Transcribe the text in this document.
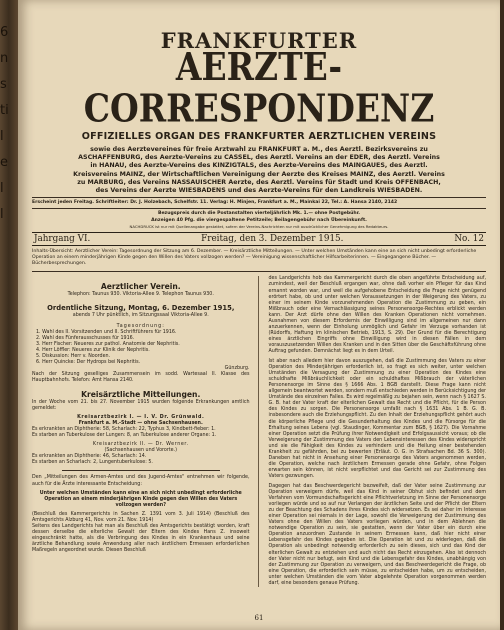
6
n
s
ti
l
e
l
l
FRANKFURTER
AERZTE-CORRESPONDENZ
OFFIZIELLES ORGAN DES FRANKFURTER AERZTLICHEN VEREINS
sowie des Aerztevereines für freie Arztwahl zu FRANKFURT a. M., des Aerztl. Bezirksvereins zu
ASCHAFFENBURG, des Aerzte-Vereins zu CASSEL, des Aerztl. Vereins an der EDER, des Aerztl. Vereins
in HANAU, des Aerzte-Vereins des KINZIGTALS, des Aerzte-Vereins des MAINGAUES, des Aerztl.
Kreisvereins MAINZ, der Wirtschaftlichen Vereinigung der Aerzte des Kreises MAINZ, des Aerztl. Vereins
zu MARBURG, des Vereins NASSAUISCHER Aerzte, des Aerztl. Vereins für Stadt und Kreis OFFENBACH,
des Vereins der Aerzte WIESBADENS und des Aerzte-Vereins für den Landkreis WIESBADEN.
Erscheint jeden Freitag. Schriftleiter: Dr. J. Holzebach, Schelfstr. 11. Verlag: H. Minjen, Frankfurt a. M., Mainkai 22, Tel.: A. Hansa 2140, 2142
Bezugspreis durch die Postanstalten vierteljährlich Mk. 1.— ohne Postgebühr.
Anzeigen 40 Pfg. die viergespaltene Petitzeile; Beilagengebühr nach Übereinkunft.
NACHDRUCK ist nur mit Quellenangabe gestattet, sofern der Vereins-Nachrichten nur mit ausdrücklicher Genehmigung des Redakteurs.
Jahrgang VI.	Freitag, den 3. Dezember 1915.	No. 12
Inhalts-Übersicht: Aerztlicher Verein: Tagesordnung der Sitzung am 6. Dezember. — Kreisärztliche Mitteilungen. — Unter welchen Umständen kann eine an sich nicht unbedingt erforderliche Operation an einem minderjährigen Kinde gegen den Willen des Vaters vollzogen werden? — Vereinigung wissenschaftlicher Hilfsarbeiterinnen. — Eingegangene Bücher. — Bücherbesprechungen.
Aerztlicher Verein.
Telephon: Taunus 930. Viktoria-Allee 9. Telephon Taunus 930.
Ordentliche Sitzung, Montag, 6. Dezember 1915,
abends 7 Uhr pünktlich, im Sitzungssaal Viktoria-Allee 9.
Tagesordnung:
1. Wahl des II. Vorsitzenden und II. Schriftführers für 1916.
2. Wahl des Fünferausschusses für 1916.
3. Herr Fischer: Neueres zur pathol. Anatomie der Nephritis.
4. Herr Löffler: Neueres zur Klinik der Nephritis.
5. Diskussion: Herr v. Noorden.
6. Herr Quincke: Der Hydrops bei Nephritis.
Günzburg.
Nach der Sitzung geselliges Zusammensein im sodd. Wartesaal II. Klasse des Hauptbahnhofs. Telefon: Amt Hansa 2140.
Kreisärztliche Mitteilungen.
In der Woche vom 21. bis 27. November 1915 wurden folgende Erkrankungen amtlich gemeldet:
Kreisarztbezirk I. — I. V. Dr. Grünwald.
Frankfurt a. M.-Stadt — ohne Sachsenhausen.
Es erkrankten an Diphtherie: 58, Scharlach: 22, Typhus 3, Kindbett-fieber: 1.
Es starben an Tuberkulose der Lungen: 8, an Tuberkulose anderer Organe: 1.
Kreisarztbezirk II. — Dr. Werner.
(Sachsenhausen und Vororte.)
Es erkrankten an Diphtherie: 46, Scharlach: 14.
Es starben an Scharlach: 2, Lungentuberkulose: 5.
Den „Mitteilungen des Armen-Amtes und des Jugend-Amtes" entnehmen wir folgende, auch für die Ärzte interessante Entscheidung:
Unter welchen Umständen kann eine an sich nicht unbedingt erforderliche Operation an einem minderjährigen Kinde gegen den Willen des Vaters vollzogen werden?
(Beschluß des Kammergerichts in Sachen Z. 1391 vom 3. Juli 1914) (Beschluß des Amtsgerichts Alzburg 41, Nov. vom 21. Nov. 1914)
Seitens des Landgerichts hat man als Beschluß des Amtsgerichts bestätigt worden, kraft dessen derselbe die elterliche Gewalt der Eltern des Kindes Hans Z. insoweit eingeschränkt hatte, als die Verbringung des Kindes in ein Krankenhaus und seine ärztliche Behandlung sowie Anwendung aller nach ärztlichem Ermessen erforderlichen Maßregeln angeordnet wurde. Diesen Beschluß
des Landgerichts hob das Kammergericht durch die oben angeführte Entscheidung auf, zumindest, weil der Beschluß ergangen war, ohne daß vorher ein Pfleger für das Kind ernannt worden war, und weil die aufgehobene Entscheidung die Frage nicht genügend erörtert habe, ob und unter welchen Voraussetzungen in der Weigerung des Vaters, zu einer im seinem Kinde vorzunehmenden Operation die Zustimmung zu geben, ein Mißbrauch oder eine Vernachlässigung seines Personensorge-Rechtes erblickt werden kann. Der Arzt dürfe ohne den Willen des Kranken Operationen nicht vornehmen. Ausnahmen von diesem Erfordernis der Einwilligung sind im allgemeinen nur dann anzuerkennen, wenn der Einholung unmöglich und Gefahr im Verzuge vorhanden ist (Rüdorffs, Haftung im klinischen Betrieb, 1913, S. 29). Der Grund für die Berechtigung eines ärztlichen Eingriffs ohne Einwilligung wird in diesen Fällen in dem vorauszusetzenden Willen des Kranken und in den Sitten über die Geschäftsführung ohne Auftrag gefunden. Demnächst liegt es in dem Urteil.
Ist aber nach alledem hier davon auszugehen, daß die Zustimmung des Vaters zu einer Operation des Minderjährigen erforderlich ist, so fragt es sich weiter, unter welchen Umständen die Versagung der Zustimmung zu einer Operation des Kindes eine schuldhafte Mißbräuchlichkeit oder ein schuldhaftes Mißbrauch der väterlichen Personensorge im Sinne des § 1666 Abs. 1 BGB darstellt. Diese Frage kann nicht allgemein beantwortet werden, sondern muß entschieden werden in Berücksichtigung der Umstände des einzelnen Falles. Es wird regelmäßig zu bejahen sein, wenn nach § 1627 S. G. B. hat der Vater kraft der elterlichen Gewalt das Recht und die Pflicht, für die Person des Kindes zu sorgen. Die Personensorge umfaßt nach § 1631 Abs. 1 B. G. B. insbesondere auch die Erziehungspflicht. Zu den Inhalt der Erziehungspflicht gehört auch die körperliche Pflege und die Gesunderhaltung des Kindes und die Fürsorge für die Erhaltung seines Lebens (vgl. Staudinger, Kommentar zum BGB, § 1627). Die Vornahme einer Operation setzt die Prüfung ihrer Notwendigkeit und Erfolgsaussicht voraus; ob die Verweigerung der Zustimmung des Vaters den Lebensinteressen des Kindes widerspricht und sie die Fähigkeit des Kindes zu verhindern und die Heilung einer bestehenden Krankheit zu gefährden, bei zu bewerten (Erläut. O. G. in Strafsachen Bd. 36 S. 300). Daneben hat nicht in Ansehung einer Personensorge des Vaters angenommen werden, die Operation, welche nach ärztlichem Ermessen gerade ohne Gefahr, ohne Folgen erwarten sein können, ist nicht verpflichtet und das Gericht sei zur Zustimmung des Vaters gezwungen.
Dagegen hat das Beschwerdegericht bezweifelt, daß der Vater seine Zustimmung zur Operation verweigern dürfe, weil das Kind in seiner Obhut sich befindet und dem Verfahren vom Vormundschaftsgericht eine Pflichtverletzung im Sinne der Personensorge vorliegen würde und so auf nur Verlangen der ärztlichen Seite und der Pflicht der Eltern zu der Beachtung des Schadens ihres Kindes sich widersetzen. Es sei daher im Interesse einer Operation sei niemals in der Lage, sowohl die Verweigerung der Zustimmung des Vaters ohne den Willen des Vaters vorliegen würden, und in dem Ablehnen die notwendige Operation zu sein, sie gestatten, wenn der Vater über ein durch eine Operation anzuordnen Zustande in seinem Ermessen kann, daß hier nicht einer Lebensgefahr des Kindes gegeben ist. Die Operation ist und zu widerlegen, daß die Operation als unbedingt notwendig erforderlich zu sein dieses, sich und das Kind der elterlichen Gewalt zu entziehen und auch nicht das Recht einzugehen. Also ist dennoch der Vater nicht nur befugt, sein Kind und die Lebensgefahr des Kindes, unabhängig von der Zustimmung zur Operation zu verweigern, und das Beschwerdegericht die Frage, ob eine Operation, die erforderlich sein müsse, zu entscheiden habe, um zu entscheiden, unter welchen Umständen die vom Vater abgelehnte Operation vorgenommen werden darf, eine besonders genaue Prüfung.
61
